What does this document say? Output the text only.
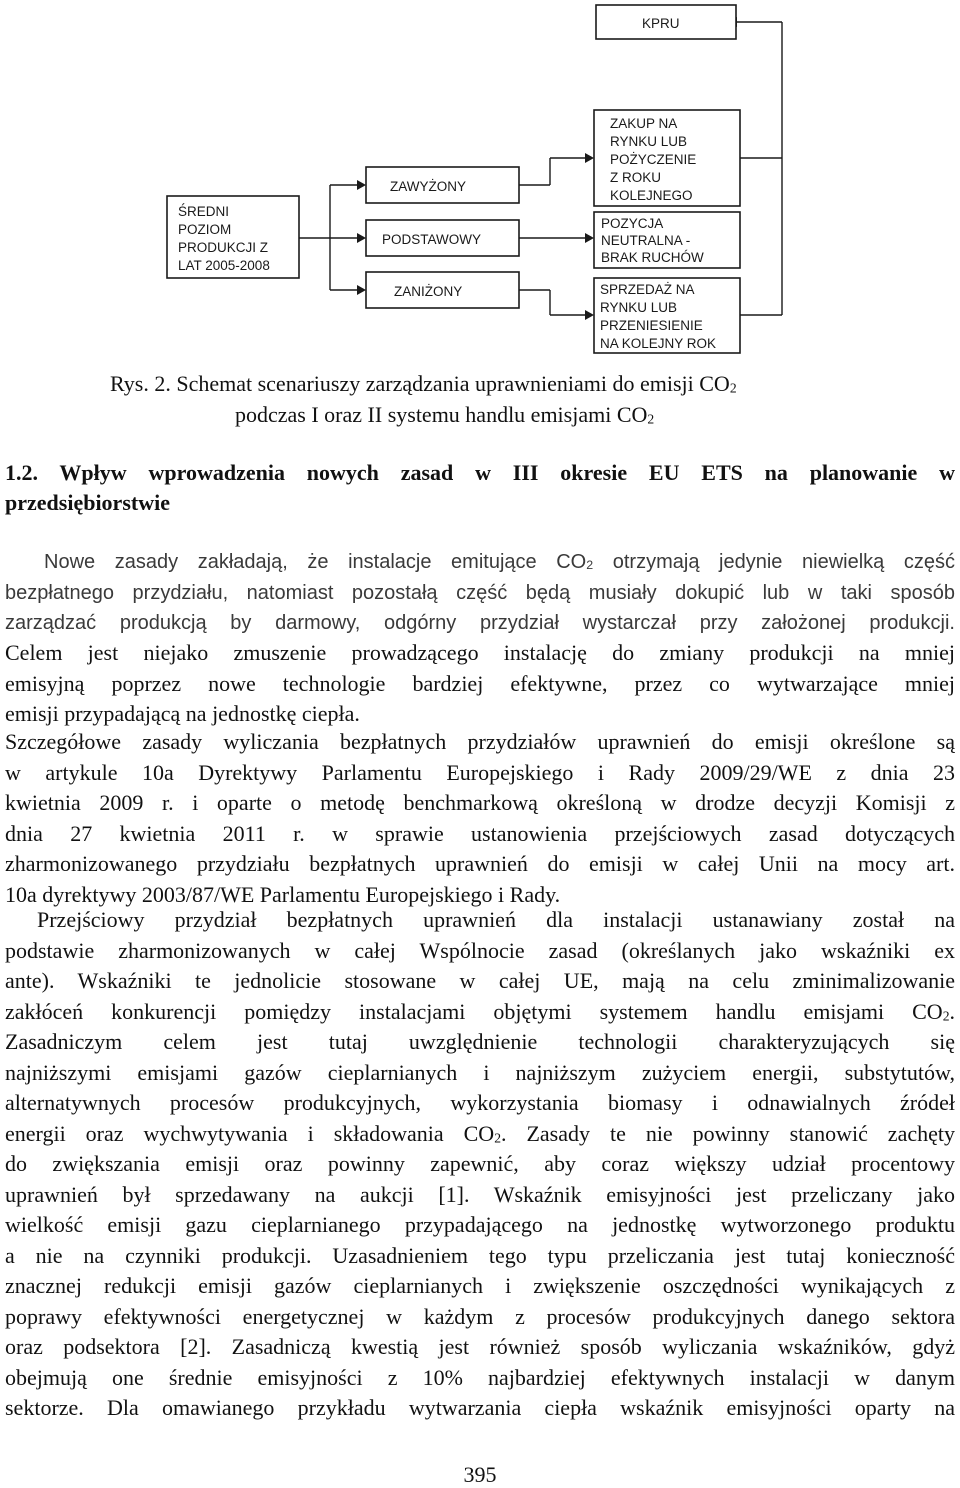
ŚREDNI
POZIOM
PRODUKCJI Z
LAT 2005-2008
ZAWYŻONY
PODSTAWOWY
ZANIŻONY
KPRU
ZAKUP NA
RYNKU LUB
POŻYCZENIE
Z ROKU
KOLEJNEGO
POZYCJA
NEUTRALNA -
BRAK RUCHÓW
SPRZEDAŻ NA
RYNKU LUB
PRZENIESIENIE
NA KOLEJNY ROK
Rys. 2. Schemat scenariuszy zarządzania uprawnieniami do emisji $CO_2$
podczas I oraz II systemu handlu emisjami $CO_2$
1.2. Wpływ wprowadzenia nowych zasad w III okresie EU ETS na planowanie w
przedsiębiorstwie
Nowe zasady zakładają, że instalacje emitujące $CO_2$ otrzymają jedynie niewielką część
bezpłatnego przydziału, natomiast pozostałą część będą musiały dokupić lub w taki sposób
zarządzać produkcją by darmowy, odgórny przydział wystarczał przy założonej produkcji.
Celem jest niejako zmuszenie prowadzącego instalację do zmiany produkcji na mniej
emisyjną poprzez nowe technologie bardziej efektywne, przez co wytwarzające mniej
emisji przypadającą na jednostkę ciepła.
Szczegółowe zasady wyliczania bezpłatnych przydziałów uprawnień do emisji określone są
w artykule 10a Dyrektywy Parlamentu Europejskiego i Rady 2009/29/WE z dnia 23
kwietnia 2009 r. i oparte o metodę benchmarkową określoną w drodze decyzji Komisji z
dnia 27 kwietnia 2011 r. w sprawie ustanowienia przejściowych zasad dotyczących
zharmonizowanego przydziału bezpłatnych uprawnień do emisji w całej Unii na mocy art.
10a dyrektywy 2003/87/WE Parlamentu Europejskiego i Rady.
Przejściowy przydział bezpłatnych uprawnień dla instalacji ustanawiany został na
podstawie zharmonizowanych w całej Wspólnocie zasad (określanych jako wskaźniki ex
ante). Wskaźniki te jednolicie stosowane w całej UE, mają na celu zminimalizowanie
zakłóceń konkurencji pomiędzy instalacjami objętymi systemem handlu emisjami $CO_2$.
Zasadniczym celem jest tutaj uwzględnienie technologii charakteryzujących się
najniższymi emisjami gazów cieplarnianych i najniższym zużyciem energii, substytutów,
alternatywnych procesów produkcyjnych, wykorzystania biomasy i odnawialnych źródeł
energii oraz wychwytywania i składowania $CO_2$. Zasady te nie powinny stanowić zachęty
do zwiększania emisji oraz powinny zapewnić, aby coraz większy udział procentowy
uprawnień był sprzedawany na aukcji [1]. Wskaźnik emisyjności jest przeliczany jako
wielkość emisji gazu cieplarnianego przypadającego na jednostkę wytworzonego produktu
a nie na czynniki produkcji. Uzasadnieniem tego typu przeliczania jest tutaj konieczność
znacznej redukcji emisji gazów cieplarnianych i zwiększenie oszczędności wynikających z
poprawy efektywności energetycznej w każdym z procesów produkcyjnych danego sektora
oraz podsektora [2]. Zasadniczą kwestią jest również sposób wyliczania wskaźników, gdyż
obejmują one średnie emisyjności z 10% najbardziej efektywnych instalacji w danym
sektorze. Dla omawianego przykładu wytwarzania ciepła wskaźnik emisyjności oparty na
395
